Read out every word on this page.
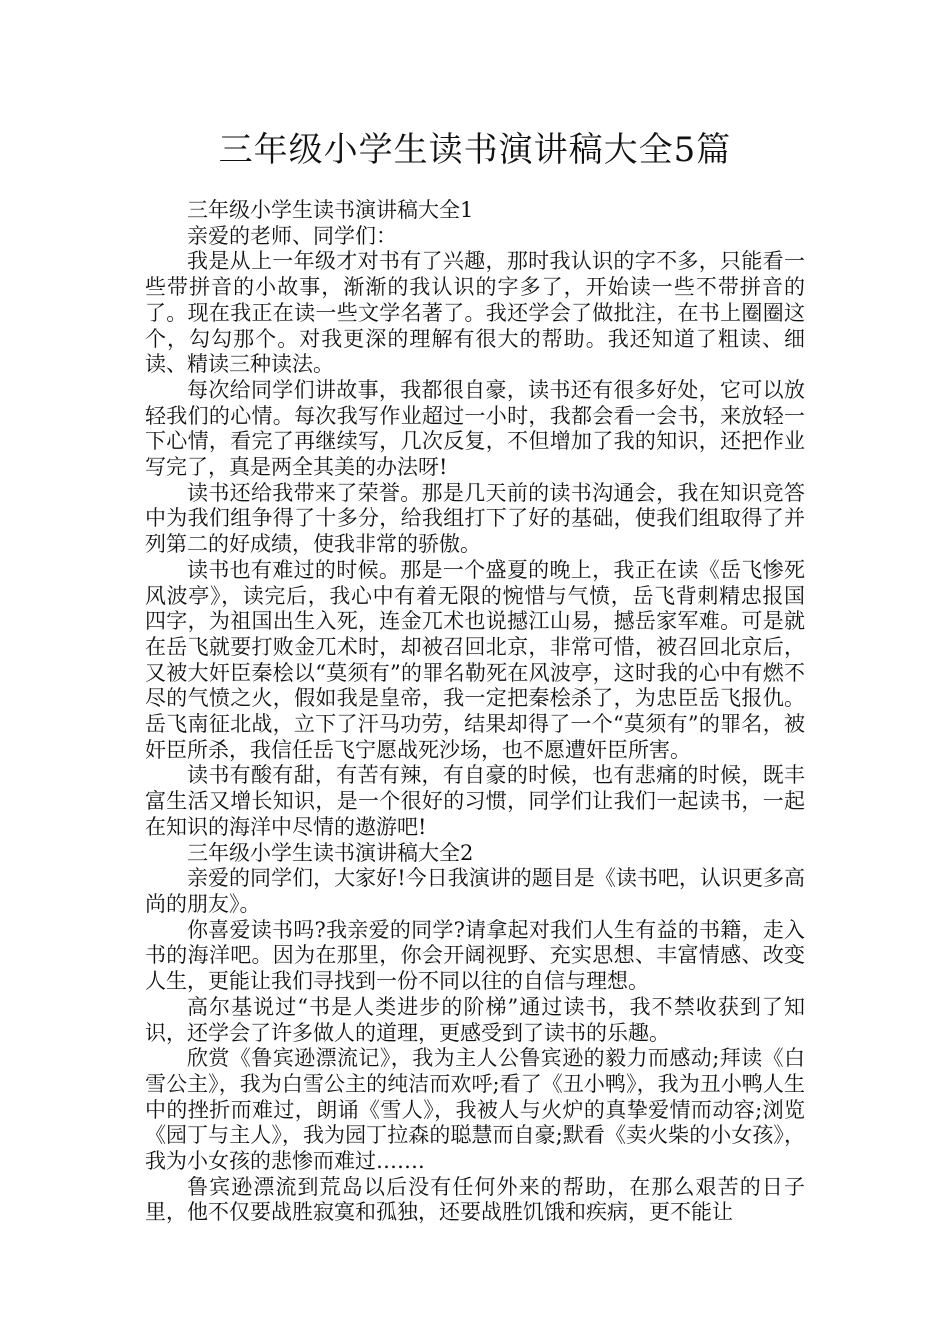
三年级小学生读书演讲稿大全5篇

三年级小学生读书演讲稿大全1

亲爱的老师、同学们：

我是从上一年级才对书有了兴趣，那时我认识的字不多，只能看一些带拼音的小故事，渐渐的我认识的字多了，开始读一些不带拼音的了。现在我正在读一些文学名著了。我还学会了做批注，在书上圈圈这个，勾勾那个。对我更深的理解有很大的帮助。我还知道了粗读、细读、精读三种读法。

每次给同学们讲故事，我都很自豪，读书还有很多好处，它可以放轻我们的心情。每次我写作业超过一小时，我都会看一会书，来放轻一下心情，看完了再继续写，几次反复，不但增加了我的知识，还把作业写完了，真是两全其美的办法呀!

读书还给我带来了荣誉。那是几天前的读书沟通会，我在知识竞答中为我们组争得了十多分，给我组打下了好的基础，使我们组取得了并列第二的好成绩，使我非常的骄傲。

读书也有难过的时候。那是一个盛夏的晚上，我正在读《岳飞惨死风波亭》，读完后，我心中有着无限的惋惜与气愤，岳飞背刺精忠报国四字，为祖国出生入死，连金兀术也说撼江山易，撼岳家军难。可是就在岳飞就要打败金兀术时，却被召回北京，非常可惜，被召回北京后，又被大奸臣秦桧以“莫须有”的罪名勒死在风波亭，这时我的心中有燃不尽的气愤之火，假如我是皇帝，我一定把秦桧杀了，为忠臣岳飞报仇。岳飞南征北战，立下了汗马功劳，结果却得了一个“莫须有”的罪名，被奸臣所杀，我信任岳飞宁愿战死沙场，也不愿遭奸臣所害。

读书有酸有甜，有苦有辣，有自豪的时候，也有悲痛的时候，既丰富生活又增长知识，是一个很好的习惯，同学们让我们一起读书，一起在知识的海洋中尽情的遨游吧!

三年级小学生读书演讲稿大全2

亲爱的同学们，大家好!今日我演讲的题目是《读书吧，认识更多高尚的朋友》。

你喜爱读书吗?我亲爱的同学?请拿起对我们人生有益的书籍，走入书的海洋吧。因为在那里，你会开阔视野、充实思想、丰富情感、改变人生，更能让我们寻找到一份不同以往的自信与理想。

高尔基说过“书是人类进步的阶梯”通过读书，我不禁收获到了知识，还学会了许多做人的道理，更感受到了读书的乐趣。

欣赏《鲁宾逊漂流记》，我为主人公鲁宾逊的毅力而感动;拜读《白雪公主》，我为白雪公主的纯洁而欢呼;看了《丑小鸭》，我为丑小鸭人生中的挫折而难过，朗诵《雪人》，我被人与火炉的真挚爱情而动容;浏览《园丁与主人》，我为园丁拉森的聪慧而自豪;默看《卖火柴的小女孩》，我为小女孩的悲惨而难过…….

鲁宾逊漂流到荒岛以后没有任何外来的帮助，在那么艰苦的日子里，他不仅要战胜寂寞和孤独，还要战胜饥饿和疾病，更不能让
